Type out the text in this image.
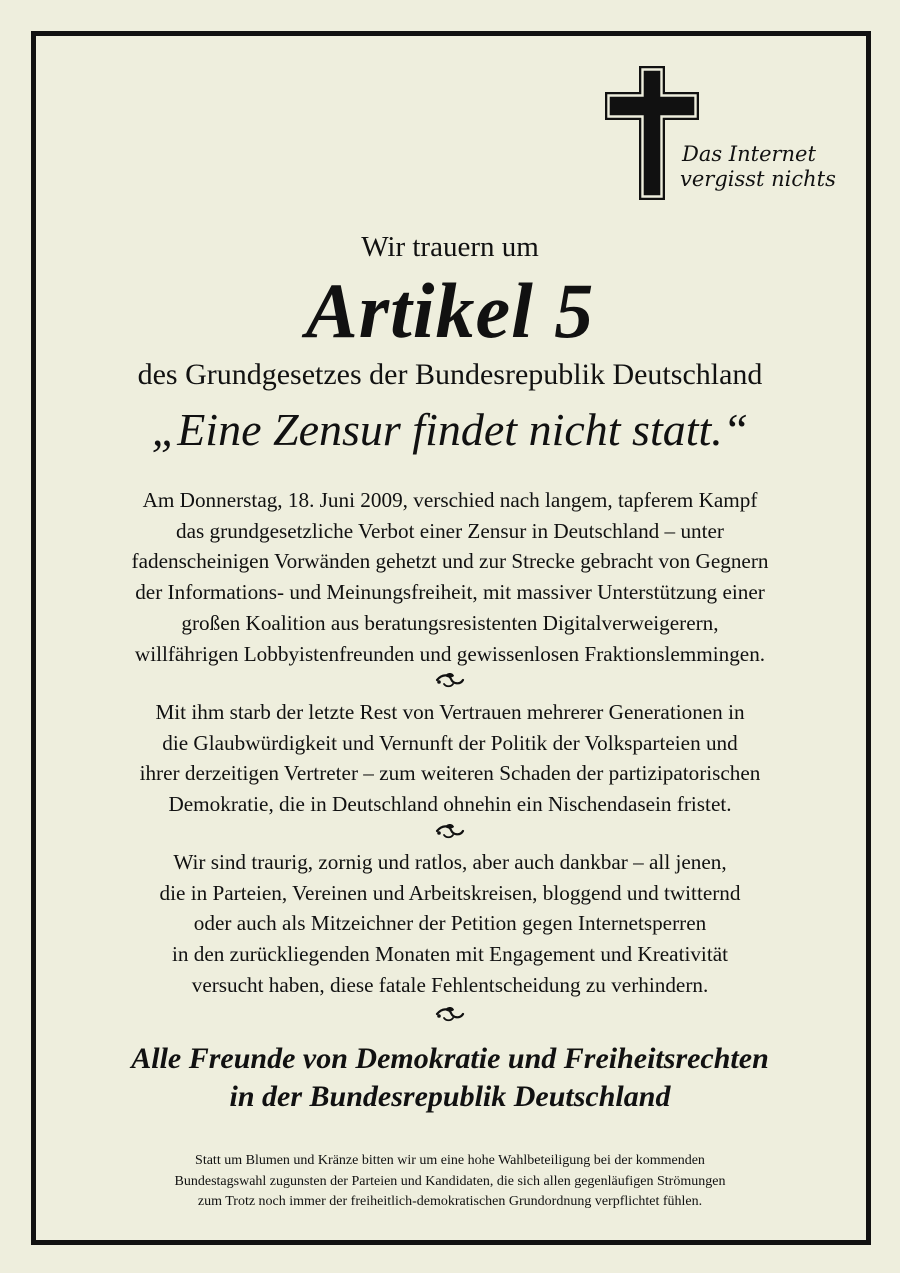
Das Internet
vergisst nichts
Wir trauern um
Artikel 5
des Grundgesetzes der Bundesrepublik Deutschland
„Eine Zensur findet nicht statt.“
Am Donnerstag, 18. Juni 2009, verschied nach langem, tapferem Kampf
das grundgesetzliche Verbot einer Zensur in Deutschland – unter
fadenscheinigen Vorwänden gehetzt und zur Strecke gebracht von Gegnern
der Informations- und Meinungsfreiheit, mit massiver Unterstützung einer
großen Koalition aus beratungsresistenten Digitalverweigerern,
willfährigen Lobbyistenfreunden und gewissenlosen Fraktionslemmingen.
Mit ihm starb der letzte Rest von Vertrauen mehrerer Generationen in
die Glaubwürdigkeit und Vernunft der Politik der Volksparteien und
ihrer derzeitigen Vertreter – zum weiteren Schaden der partizipatorischen
Demokratie, die in Deutschland ohnehin ein Nischendasein fristet.
Wir sind traurig, zornig und ratlos, aber auch dankbar – all jenen,
die in Parteien, Vereinen und Arbeitskreisen, bloggend und twitternd
oder auch als Mitzeichner der Petition gegen Internetsperren
in den zurückliegenden Monaten mit Engagement und Kreativität
versucht haben, diese fatale Fehlentscheidung zu verhindern.
Alle Freunde von Demokratie und Freiheitsrechten
in der Bundesrepublik Deutschland
Statt um Blumen und Kränze bitten wir um eine hohe Wahlbeteiligung bei der kommenden
Bundestagswahl zugunsten der Parteien und Kandidaten, die sich allen gegenläufigen Strömungen
zum Trotz noch immer der freiheitlich-demokratischen Grundordnung verpflichtet fühlen.
